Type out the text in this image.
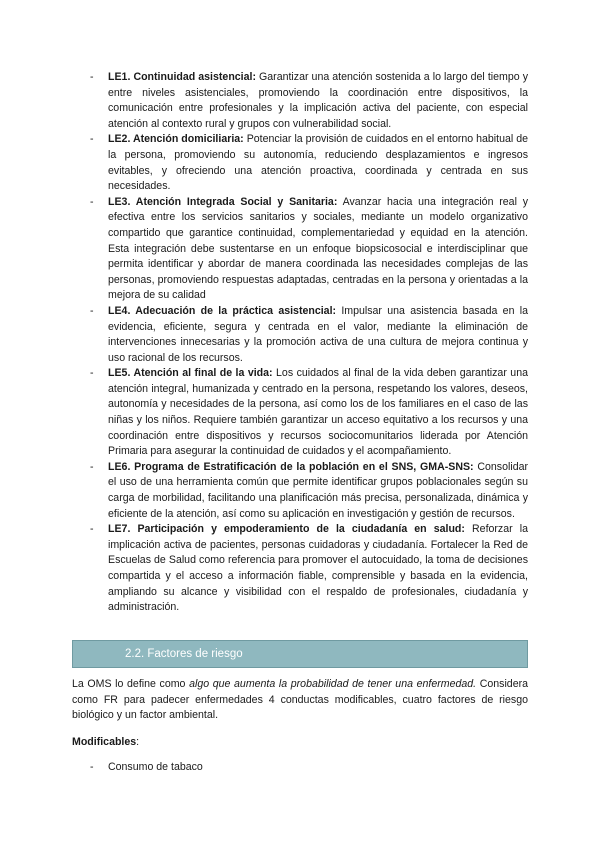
- LE1. Continuidad asistencial: Garantizar una atención sostenida a lo largo del tiempo y entre niveles asistenciales, promoviendo la coordinación entre dispositivos, la comunicación entre profesionales y la implicación activa del paciente, con especial atención al contexto rural y grupos con vulnerabilidad social.
- LE2. Atención domiciliaria: Potenciar la provisión de cuidados en el entorno habitual de la persona, promoviendo su autonomía, reduciendo desplazamientos e ingresos evitables, y ofreciendo una atención proactiva, coordinada y centrada en sus necesidades.
- LE3. Atención Integrada Social y Sanitaria: Avanzar hacia una integración real y efectiva entre los servicios sanitarios y sociales, mediante un modelo organizativo compartido que garantice continuidad, complementariedad y equidad en la atención. Esta integración debe sustentarse en un enfoque biopsicosocial e interdisciplinar que permita identificar y abordar de manera coordinada las necesidades complejas de las personas, promoviendo respuestas adaptadas, centradas en la persona y orientadas a la mejora de su calidad
- LE4. Adecuación de la práctica asistencial: Impulsar una asistencia basada en la evidencia, eficiente, segura y centrada en el valor, mediante la eliminación de intervenciones innecesarias y la promoción activa de una cultura de mejora continua y uso racional de los recursos.
- LE5. Atención al final de la vida: Los cuidados al final de la vida deben garantizar una atención integral, humanizada y centrado en la persona, respetando los valores, deseos, autonomía y necesidades de la persona, así como los de los familiares en el caso de las niñas y los niños. Requiere también garantizar un acceso equitativo a los recursos y una coordinación entre dispositivos y recursos sociocomunitarios liderada por Atención Primaria para asegurar la continuidad de cuidados y el acompañamiento.
- LE6. Programa de Estratificación de la población en el SNS, GMA-SNS: Consolidar el uso de una herramienta común que permite identificar grupos poblacionales según su carga de morbilidad, facilitando una planificación más precisa, personalizada, dinámica y eficiente de la atención, así como su aplicación en investigación y gestión de recursos.
- LE7. Participación y empoderamiento de la ciudadanía en salud: Reforzar la implicación activa de pacientes, personas cuidadoras y ciudadanía. Fortalecer la Red de Escuelas de Salud como referencia para promover el autocuidado, la toma de decisiones compartida y el acceso a información fiable, comprensible y basada en la evidencia, ampliando su alcance y visibilidad con el respaldo de profesionales, ciudadanía y administración.
2.2. Factores de riesgo

La OMS lo define como algo que aumenta la probabilidad de tener una enfermedad. Considera como FR para padecer enfermedades 4 conductas modificables, cuatro factores de riesgo biológico y un factor ambiental.

Modificables:

- Consumo de tabaco
